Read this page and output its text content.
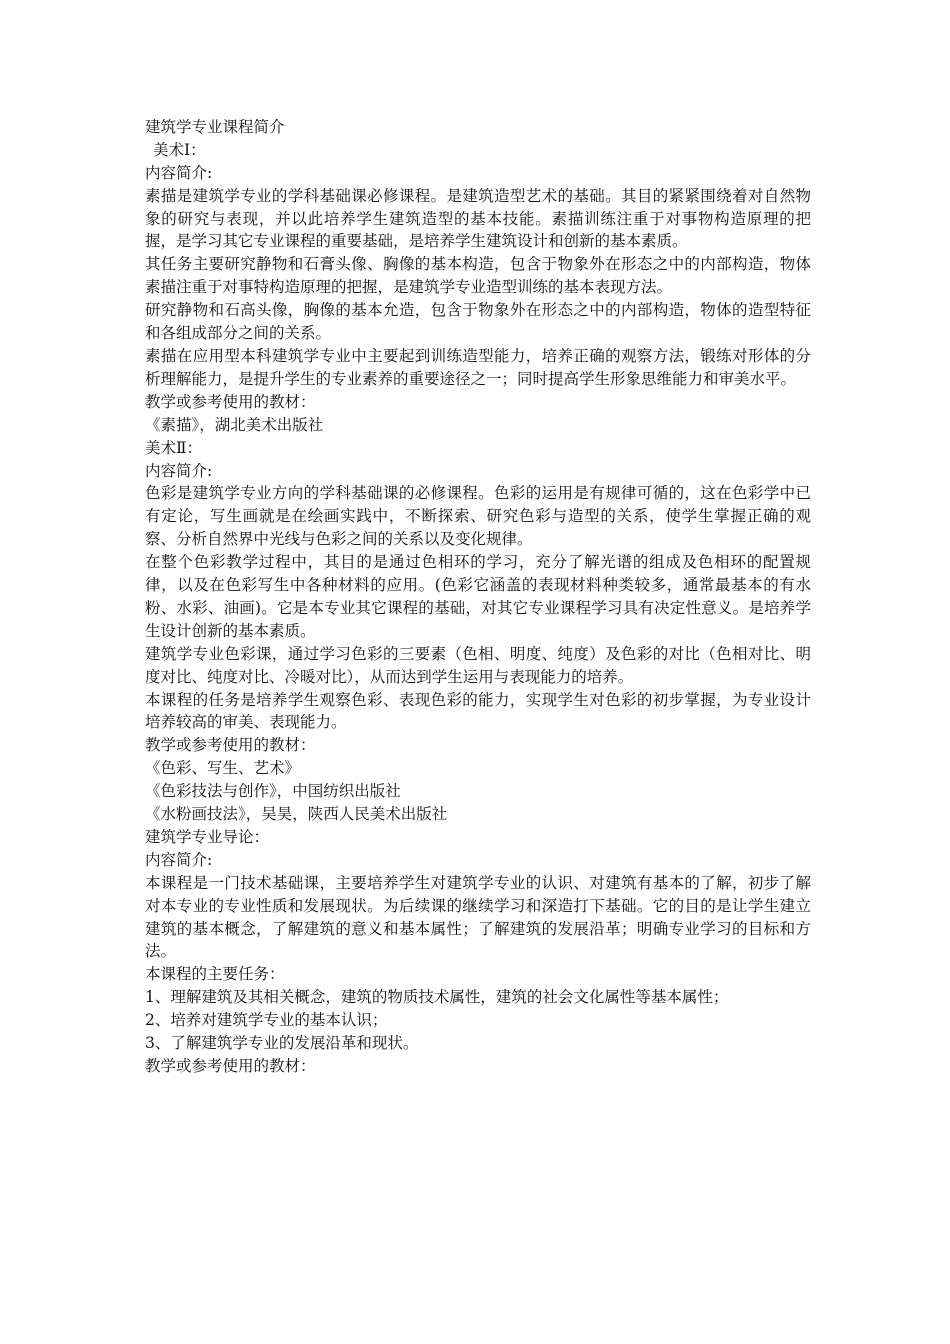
建筑学专业课程简介
美术Ⅰ：
内容简介:
素描是建筑学专业的学科基础课必修课程。是建筑造型艺术的基础。其目的紧紧围绕着对自然物象的研究与表现，并以此培养学生建筑造型的基本技能。素描训练注重于对事物构造原理的把握，是学习其它专业课程的重要基础，是培养学生建筑设计和创新的基本素质。
其任务主要研究静物和石膏头像、胸像的基本构造，包含于物象外在形态之中的内部构造，物体素描注重于对事特构造原理的把握，是建筑学专业造型训练的基本表现方法。
研究静物和石高头像，胸像的基本允造，包含于物象外在形态之中的内部构造，物体的造型特征和各组成部分之间的关系。
素描在应用型本科建筑学专业中主要起到训练造型能力，培养正确的观察方法，锻练对形体的分析理解能力，是提升学生的专业素养的重要途径之一；同时提高学生形象思维能力和审美水平。
教学或参考使用的教材：
《素描》，湖北美术出版社
美术Ⅱ：
内容简介:
色彩是建筑学专业方向的学科基础课的必修课程。色彩的运用是有规律可循的，这在色彩学中已有定论，写生画就是在绘画实践中，不断探索、研究色彩与造型的关系，使学生掌握正确的观察、分析自然界中光线与色彩之间的关系以及变化规律。
在整个色彩教学过程中，其目的是通过色相环的学习，充分了解光谱的组成及色相环的配置规律，以及在色彩写生中各种材料的应用。(色彩它涵盖的表现材料种类较多，通常最基本的有水粉、水彩、油画)。它是本专业其它课程的基础，对其它专业课程学习具有决定性意义。是培养学生设计创新的基本素质。
建筑学专业色彩课，通过学习色彩的三要素（色相、明度、纯度）及色彩的对比（色相对比、明度对比、纯度对比、冷暖对比），从而达到学生运用与表现能力的培养。
本课程的任务是培养学生观察色彩、表现色彩的能力，实现学生对色彩的初步掌握，为专业设计培养较高的审美、表现能力。
教学或参考使用的教材：
《色彩、写生、艺术》
《色彩技法与创作》，中国纺织出版社
《水粉画技法》，吴昊，陕西人民美术出版社
建筑学专业导论：
内容简介:
本课程是一门技术基础课，主要培养学生对建筑学专业的认识、对建筑有基本的了解，初步了解对本专业的专业性质和发展现状。为后续课的继续学习和深造打下基础。它的目的是让学生建立建筑的基本概念，了解建筑的意义和基本属性；了解建筑的发展沿革；明确专业学习的目标和方法。
本课程的主要任务：
1、理解建筑及其相关概念，建筑的物质技术属性，建筑的社会文化属性等基本属性；
2、培养对建筑学专业的基本认识；
3、了解建筑学专业的发展沿革和现状。
教学或参考使用的教材：
